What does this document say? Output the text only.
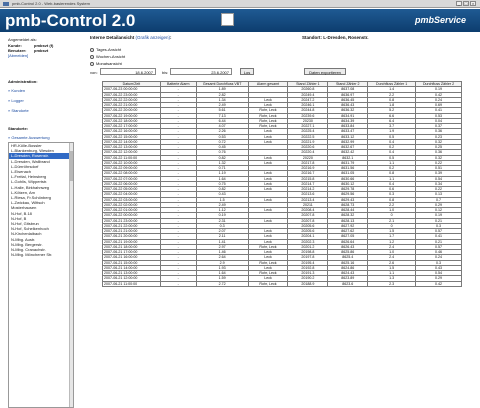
pmb-Control 2.0 - Web-basierendes System	_	□	×
pmb-Control 2.0	pmbService
Angemeldet als:
Kunde:	pmbsvt (f)
Benutzer: pmbsvt
[Abmelden]
Administration:
» Kunden
» Logger
» Standorte
Standorte:
» Gesamte Auswertung
HR-Kölle-Bossler
L-Blankenburg, Wesden
L-Dresden, Rosenstr.
L-Dresden, Wallbrand
L-Dürrröhrsdorf
L-Eisenach
L-Freital, Heinsberg
L-Gohlis, Wippertstr.
L-Halle, Birkhahnweg
L-Kötzen, Am
L-Riesa, Fr.Schönberg
L-Zwickau, Wittsch
Mosterhausen
N-Hof, B.18
N-Hof, B
N-Hof, Gitsbrun
N-Hof, Schelkenhoch
N-Kirchenlaibach
N-Mbg. Austr.
N-Mbg. Bergerstr.
N-Mbg. Cranachstr.
N-Mbg. Mönchener Str.
Interne Detailansicht (Grafik anzeigen):	Standort: L-Dresden, Rosenstr.
Tages-Ansicht
Wochen-Ansicht
Monatsansicht
von:	18.6.2007	bis:	23.6.2007	Los	Daten exportieren
Datum/Zeit	Batterie Alarm	Gesamt Durchfluss VBT	Alarm gesamt	Stand Zähler 1	Stand Zähler 2	Durchfluss Zähler 1	Durchfluss Zähler 2
2007-06-23 00:00:00	-	1.89		20260.8	8637.08	1.4	0.19
2007-06-22 23:00:00	-	2.82		20249.4	8636.97	2.2	0.42
2007-06-22 22:00:00	-	1.34	Leck	20247.2	8636.45	0.8	0.24
2007-06-22 21:00:00	-	2.49	Leck	20246.1	8636.43	1.8	0.69
2007-06-22 20:00:00	-	5.61	Rohr, Leck	20244.8	8636.32	5.2	0.41
2007-06-22 19:00:00	-	7.13	Rohr, Leck	20239.6	8634.91	6.6	0.53
2007-06-22 18:00:00	-	6.44	Rohr, Leck	20230	8634.39	6.4	0.04
2007-06-22 17:00:00	-	4.07	Rohr, Leck	20227.1	8633.84	3.7	0.37
2007-06-22 16:00:00	-	2.26	Leck	20225.4	8633.47	1.9	0.36
2007-06-22 15:00:00	-	0.53	Leck	20222.5	8633.12	0.5	0.23
2007-06-22 14:00:00	-	0.72	Leck	20221.9	8632.99	0.4	0.32
2007-06-22 13:00:00	-	0.45		20220.6	8632.67	0.2	0.25
2007-06-22 12:00:00	-	0.76		20220.4	8632.42	0.4	0.36
2007-06-22 11:00:00	-	0.82	Leck	20220	8632.1	0.5	0.32
2007-06-22 10:00:00	-	1.32	Leck	20217.8	8631.79	1.1	0.22
2007-06-22 09:00:00	-	0.71		20216.9	8631.56	0.2	0.51
2007-06-22 08:00:00	-	1.19	Leck	20216.7	8631.05	0.8	0.39
2007-06-22 07:00:00	-	1.64	Leck	20215.8	8630.66	1.1	0.54
2007-06-22 06:00:00	-	0.75	Leck	20214.7	8630.12	0.4	0.34
2007-06-22 05:00:00	-	0.82	Leck	20214.2	8629.78	0.6	0.22
2007-06-22 04:00:00	-	0.43		20213.6	8629.56	0.3	0.13
2007-06-22 03:00:00	-	1.5	Leck	20213.4	8629.43	0.8	0.7
2007-06-22 02:00:00	-	2.49		20211	8628.73	2.2	0.29
2007-06-22 01:00:00	-	1.12	Leck	20208.4	8628.44	1.0	0.12
2007-06-22 00:00:00	-	0.19		20207.8	8628.32	0	0.19
2007-06-21 23:00:00	-	2.31	Leck	20207.8	8628.13	2.1	0.21
2007-06-21 22:00:00	-	0.3		20205.6	8627.92	0	0.3
2007-06-21 21:00:00	-	2.07	Leck	20205.6	8627.62	1.5	0.57
2007-06-21 20:00:00	-	2.11	Leck	20204.1	8627.05	1.7	0.41
2007-06-21 19:00:00	-	1.41	Leck	20202.3	8626.64	1.2	0.21
2007-06-21 18:00:00	-	2.97	Rohr, Leck	20201.2	8626.43	2.4	0.57
2007-06-21 17:00:00	-	1.46	Leck	20198.8	8625.86	1.0	0.46
2007-06-21 16:00:00	-	2.64	Leck	20197.8	8625.4	2.4	0.24
2007-06-21 15:00:00	-	2.9	Rohr, Leck	20195.4	8625.16	2.6	0.3
2007-06-21 14:00:00	-	1.93	Leck	20192.8	8624.86	1.5	0.43
2007-06-21 13:00:00	-	1.64	Rohr, Leck	20191.3	8624.43	1.1	0.54
2007-06-21 12:00:00	-	1.59	Leck	20190.2	8623.89	1.3	0.29
2007-06-21 11:00:00	-	2.72	Rohr, Leck	20188.9	8623.6	2.3	0.42
